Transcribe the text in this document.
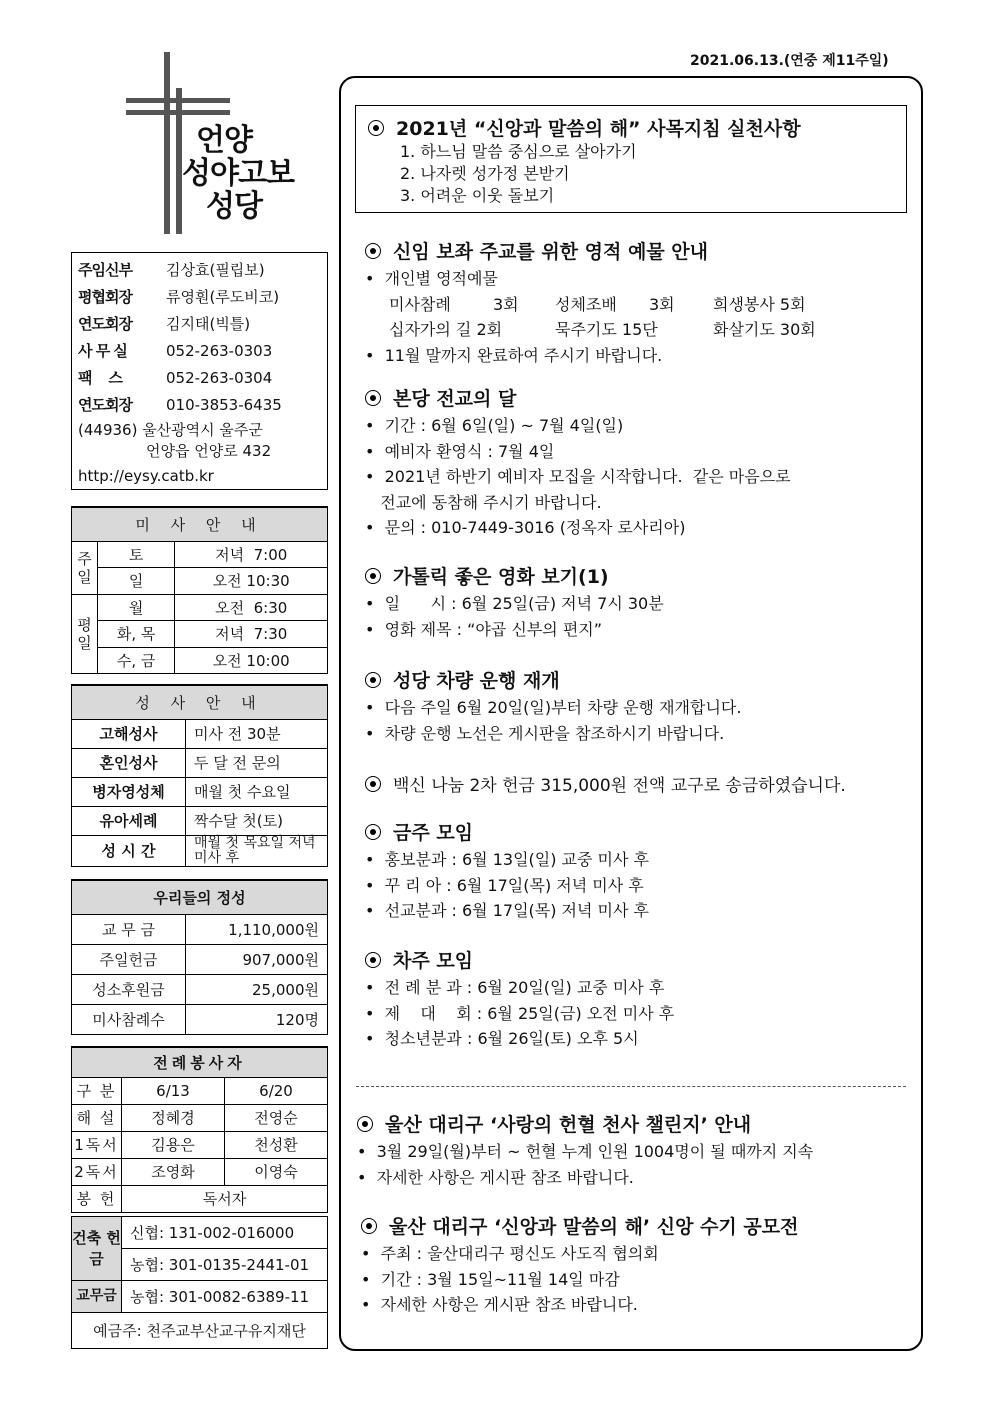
2021.06.13.(연중 제11주일)
언양
성야고보
성당
주임신부	김상효(필립보)
평협회장	류영훤(루도비코)
연도회장	김지태(빅틀)
사 무 실	052-263-0303
팩    스	052-263-0304
연도회장	010-3853-6435
(44936) 울산광역시 울주군
언양읍 언양로 432
http://eysy.catb.kr
미 사 안 내		
주 일	토	저녁  7:00
	일	오전 10:30
평 일	월	오전  6:30
	화, 목	저녁  7:30
	수, 금	오전 10:00
성 사 안 내	
고해성사	미사 전 30분
혼인성사	두 달 전 문의
병자영성체	매월 첫 수요일
유아세례	짝수달 첫(토)
성 시 간	매월 첫 목요일 저녁미사 후
우리들의 정성	
교 무 금	1,110,000원
주일헌금	907,000원
성소후원금	25,000원
미사참례수	120명
전례봉사자		
구 분	6/13	6/20
해 설	정혜경	전영순
1독서	김용은	천성환
2독서	조영화	이영숙
봉 헌	독서자	
건축 헌금	신협: 131-002-016000
	농협: 301-0135-2441-01
교무금	농협: 301-0082-6389-11
예금주: 천주교부산교구유지재단	
2021년 “신앙과 말씀의 해” 사목지침 실천사항
1. 하느님 말씀 중심으로 살아가기
2. 나자렛 성가정 본받기
3. 어려운 이웃 돌보기
신임 보좌 주교를 위한 영적 예물 안내
•  개인별 영적예물
미사참례	3회	성체조배	3회	희생봉사 5회
십자가의 길 2회	묵주기도 15단	화살기도 30회
•  11월 말까지 완료하여 주시기 바랍니다.
본당 전교의 달
•  기간 : 6월 6일(일) ~ 7월 4일(일)
•  예비자 환영식 : 7월 4일
•  2021년 하반기 예비자 모집을 시작합니다.  같은 마음으로
전교에 동참해 주시기 바랍니다.
•  문의 : 010-7449-3016 (정옥자 로사리아)
가톨릭 좋은 영화 보기(1)
•  일      시 : 6월 25일(금) 저녁 7시 30분
•  영화 제목 : “야곱 신부의 편지”
성당 차량 운행 재개
•  다음 주일 6월 20일(일)부터 차량 운행 재개합니다.
•  차량 운행 노선은 게시판을 참조하시기 바랍니다.
백신 나눔 2차 헌금 315,000원 전액 교구로 송금하였습니다.
금주 모임
•  홍보분과 : 6월 13일(일) 교중 미사 후
•  꾸 리 아 : 6월 17일(목) 저녁 미사 후
•  선교분과 : 6월 17일(목) 저녁 미사 후
차주 모임
•  전 례 분 과 : 6월 20일(일) 교중 미사 후
•  제    대    회 : 6월 25일(금) 오전 미사 후
•  청소년분과 : 6월 26일(토) 오후 5시
울산 대리구 ‘사랑의 헌혈 천사 챌린지’ 안내
•  3월 29일(월)부터 ~ 헌혈 누계 인원 1004명이 될 때까지 지속
•  자세한 사항은 게시판 참조 바랍니다.
울산 대리구 ‘신앙과 말씀의 해’ 신앙 수기 공모전
•  주최 : 울산대리구 평신도 사도직 협의회
•  기간 : 3월 15일~11월 14일 마감
•  자세한 사항은 게시판 참조 바랍니다.
